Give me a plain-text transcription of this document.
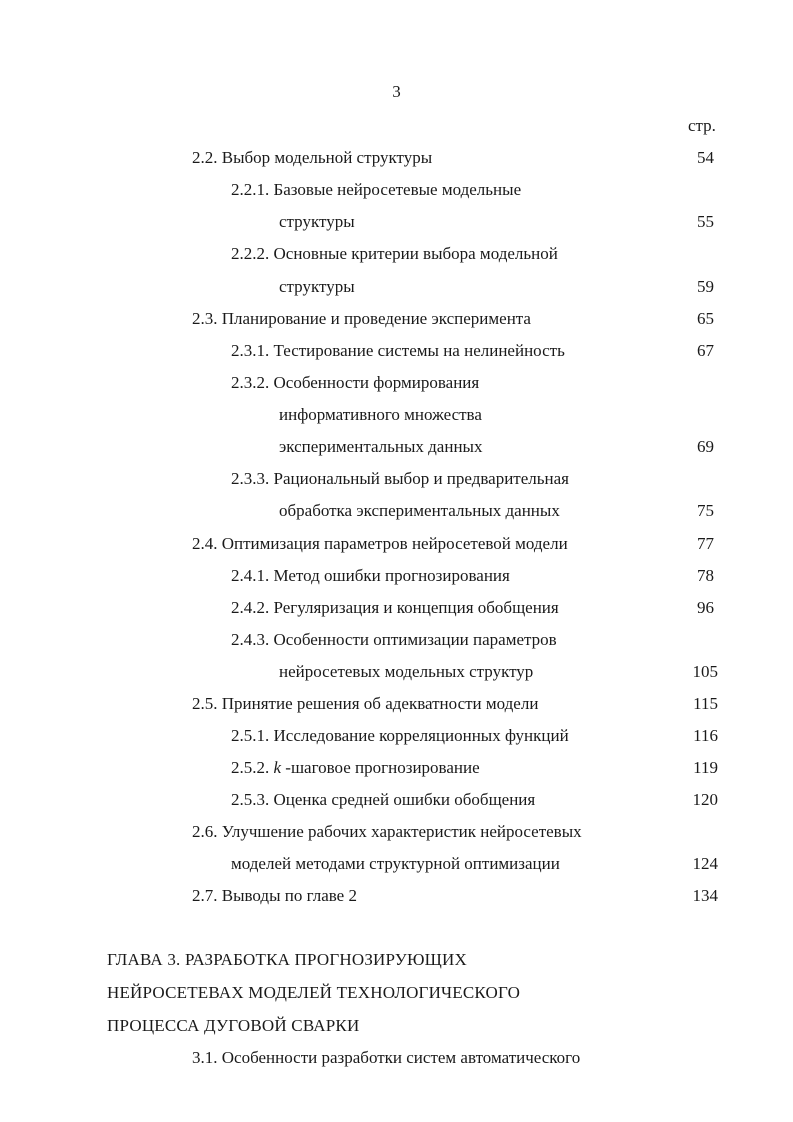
3
стр.
2.2. Выбор модельной структуры	54
2.2.1. Базовые нейросетевые модельные
структуры	55
2.2.2. Основные критерии выбора модельной
структуры	59
2.3. Планирование и проведение эксперимента	65
2.3.1. Тестирование системы на нелинейность	67
2.3.2. Особенности формирования
информативного множества
экспериментальных данных	69
2.3.3. Рациональный выбор и предварительная
обработка экспериментальных данных	75
2.4. Оптимизация параметров нейросетевой модели	77
2.4.1. Метод ошибки прогнозирования	78
2.4.2. Регуляризация и концепция обобщения	96
2.4.3. Особенности оптимизации параметров
нейросетевых модельных структур	105
2.5. Принятие решения об адекватности модели	115
2.5.1. Исследование корреляционных функций	116
2.5.2. k -шаговое прогнозирование	119
2.5.3. Оценка средней ошибки обобщения	120
2.6. Улучшение рабочих характеристик нейросетевых
моделей методами структурной оптимизации	124
2.7. Выводы по главе 2	134
ГЛАВА 3. РАЗРАБОТКА ПРОГНОЗИРУЮЩИХ
НЕЙРОСЕТЕВАХ МОДЕЛЕЙ ТЕХНОЛОГИЧЕСКОГО
ПРОЦЕССА ДУГОВОЙ СВАРКИ
3.1. Особенности разработки систем автоматического
